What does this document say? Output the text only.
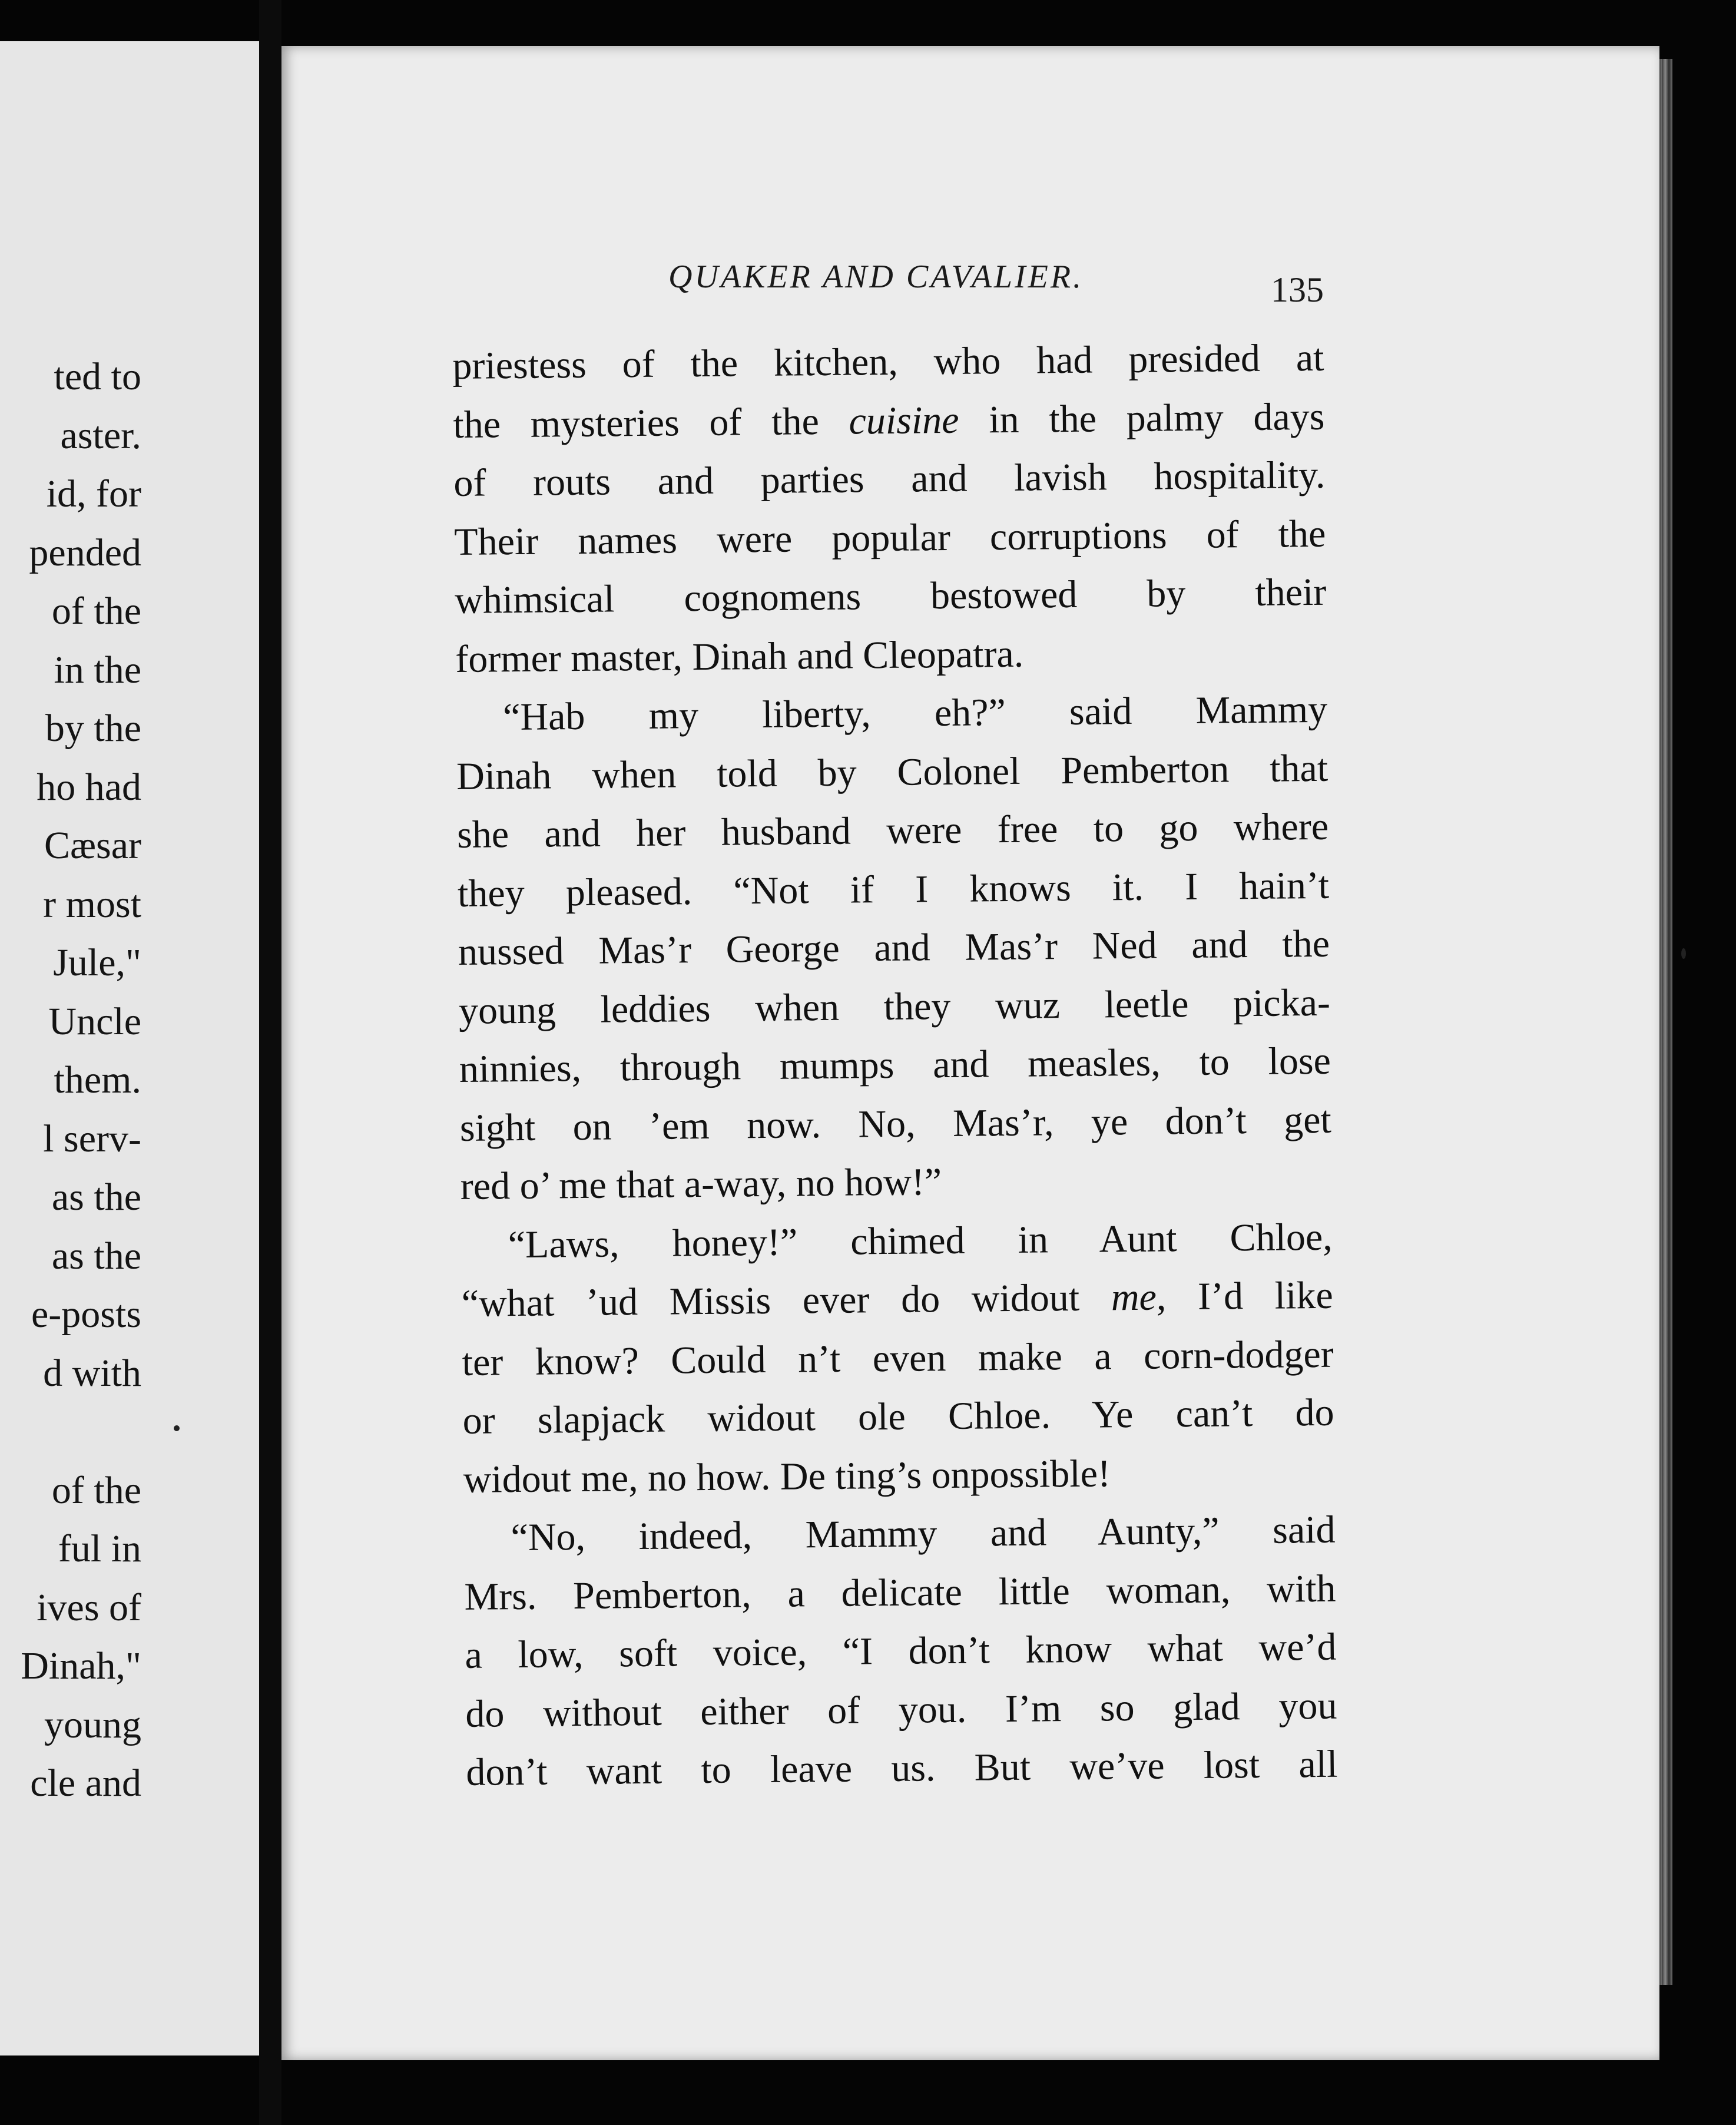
ted to
aster.
id, for
pended
of the
in the
by the
ho had
Cæsar
r most
Jule,"
Uncle
them.
l serv-
as the
as the
e-posts
d with
of the
ful in
ives of
Dinah,"
young
cle and
QUAKER AND CAVALIER.	135
priestess of the kitchen, who had presided at
the mysteries of the cuisine in the palmy days
of routs and parties and lavish hospitality.
Their names were popular corruptions of the
whimsical cognomens bestowed by their
former master, Dinah and Cleopatra.
“Hab my liberty, eh?” said Mammy
Dinah when told by Colonel Pemberton that
she and her husband were free to go where
they pleased. “Not if I knows it. I hain’t
nussed Mas’r George and Mas’r Ned and the
young leddies when they wuz leetle picka-
ninnies, through mumps and measles, to lose
sight on ’em now. No, Mas’r, ye don’t get
red o’ me that a-way, no how!”
“Laws, honey!” chimed in Aunt Chloe,
“what ’ud Missis ever do widout me, I’d like
ter know? Could n’t even make a corn-dodger
or slapjack widout ole Chloe. Ye can’t do
widout me, no how. De ting’s onpossible!
“No, indeed, Mammy and Aunty,” said
Mrs. Pemberton, a delicate little woman, with
a low, soft voice, “I don’t know what we’d
do without either of you. I’m so glad you
don’t want to leave us. But we’ve lost all
